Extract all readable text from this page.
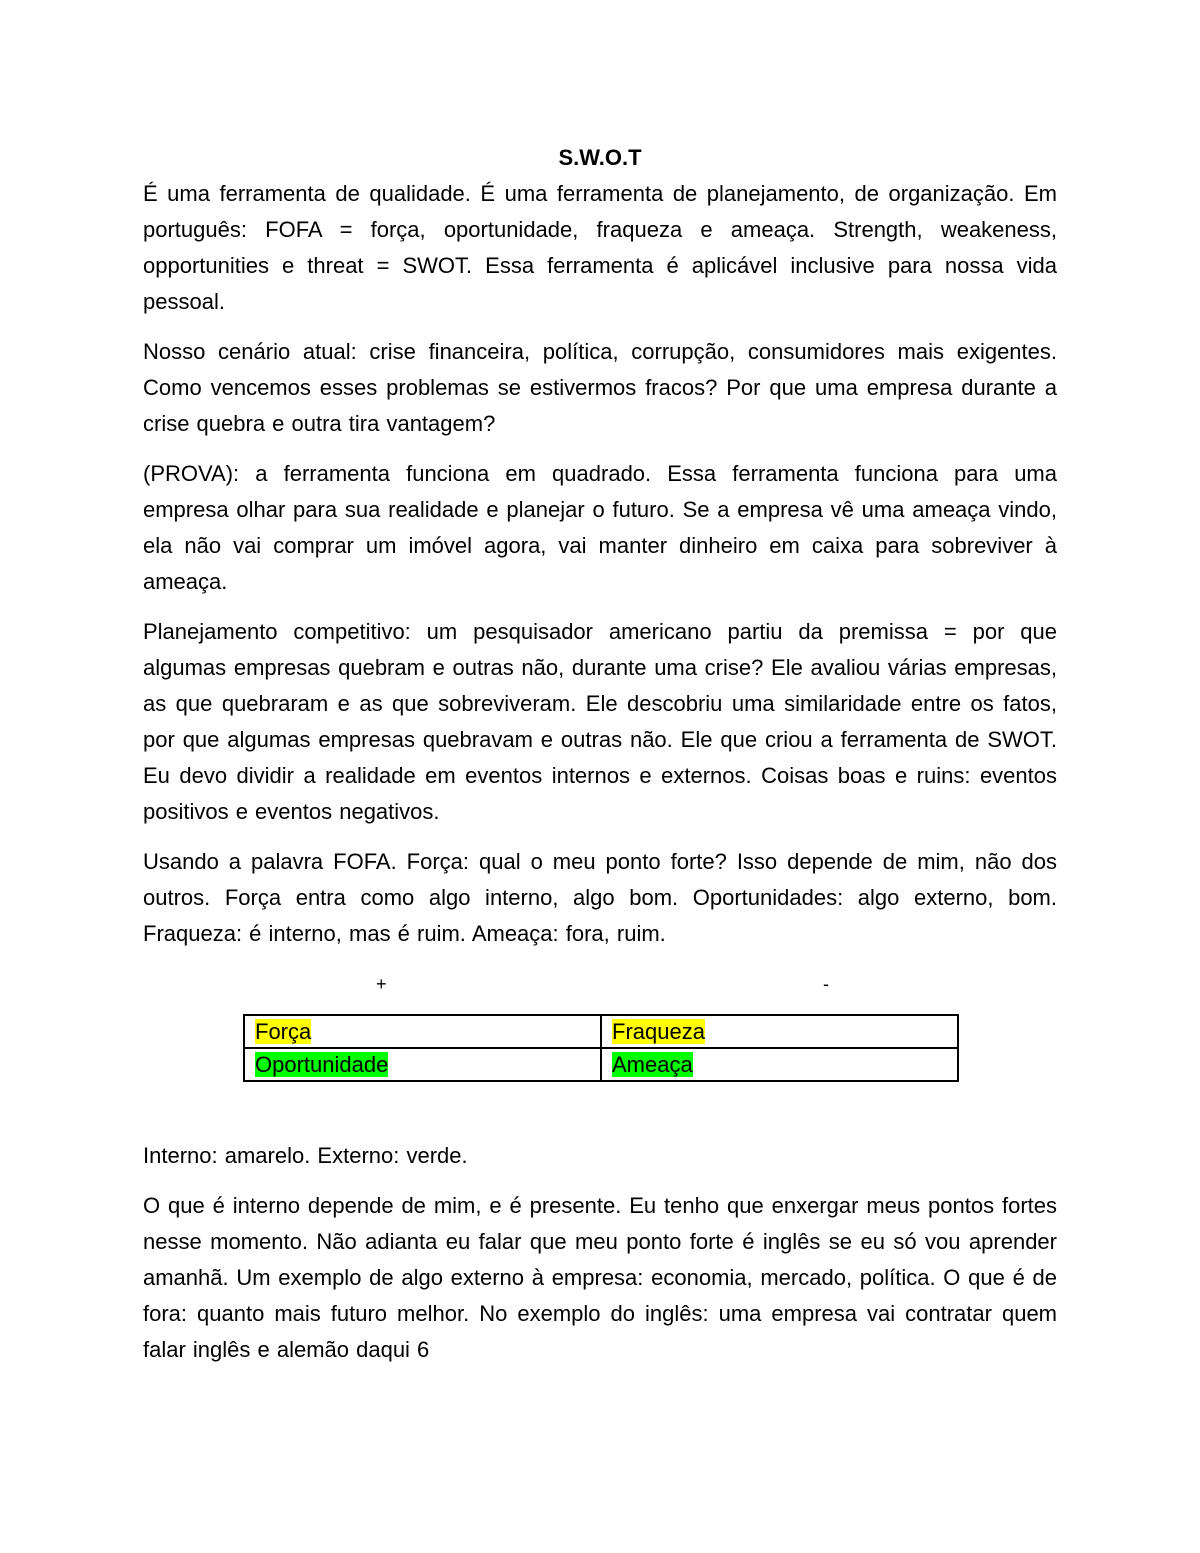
S.W.O.T

É uma ferramenta de qualidade. É uma ferramenta de planejamento, de organização. Em português: FOFA = força, oportunidade, fraqueza e ameaça. Strength, weakeness, opportunities e threat = SWOT. Essa ferramenta é aplicável inclusive para nossa vida pessoal.

Nosso cenário atual: crise financeira, política, corrupção, consumidores mais exigentes. Como vencemos esses problemas se estivermos fracos? Por que uma empresa durante a crise quebra e outra tira vantagem?

(PROVA): a ferramenta funciona em quadrado. Essa ferramenta funciona para uma empresa olhar para sua realidade e planejar o futuro. Se a empresa vê uma ameaça vindo, ela não vai comprar um imóvel agora, vai manter dinheiro em caixa para sobreviver à ameaça.

Planejamento competitivo: um pesquisador americano partiu da premissa = por que algumas empresas quebram e outras não, durante uma crise? Ele avaliou várias empresas, as que quebraram e as que sobreviveram. Ele descobriu uma similaridade entre os fatos, por que algumas empresas quebravam e outras não. Ele que criou a ferramenta de SWOT. Eu devo dividir a realidade em eventos internos e externos. Coisas boas e ruins: eventos positivos e eventos negativos.

Usando a palavra FOFA. Força: qual o meu ponto forte? Isso depende de mim, não dos outros. Força entra como algo interno, algo bom. Oportunidades: algo externo, bom. Fraqueza: é interno, mas é ruim. Ameaça: fora, ruim.

+	-
Força	Fraqueza
Oportunidade	Ameaça

Interno: amarelo. Externo: verde.

O que é interno depende de mim, e é presente. Eu tenho que enxergar meus pontos fortes nesse momento. Não adianta eu falar que meu ponto forte é inglês se eu só vou aprender amanhã. Um exemplo de algo externo à empresa: economia, mercado, política. O que é de fora: quanto mais futuro melhor. No exemplo do inglês: uma empresa vai contratar quem falar inglês e alemão daqui 6
